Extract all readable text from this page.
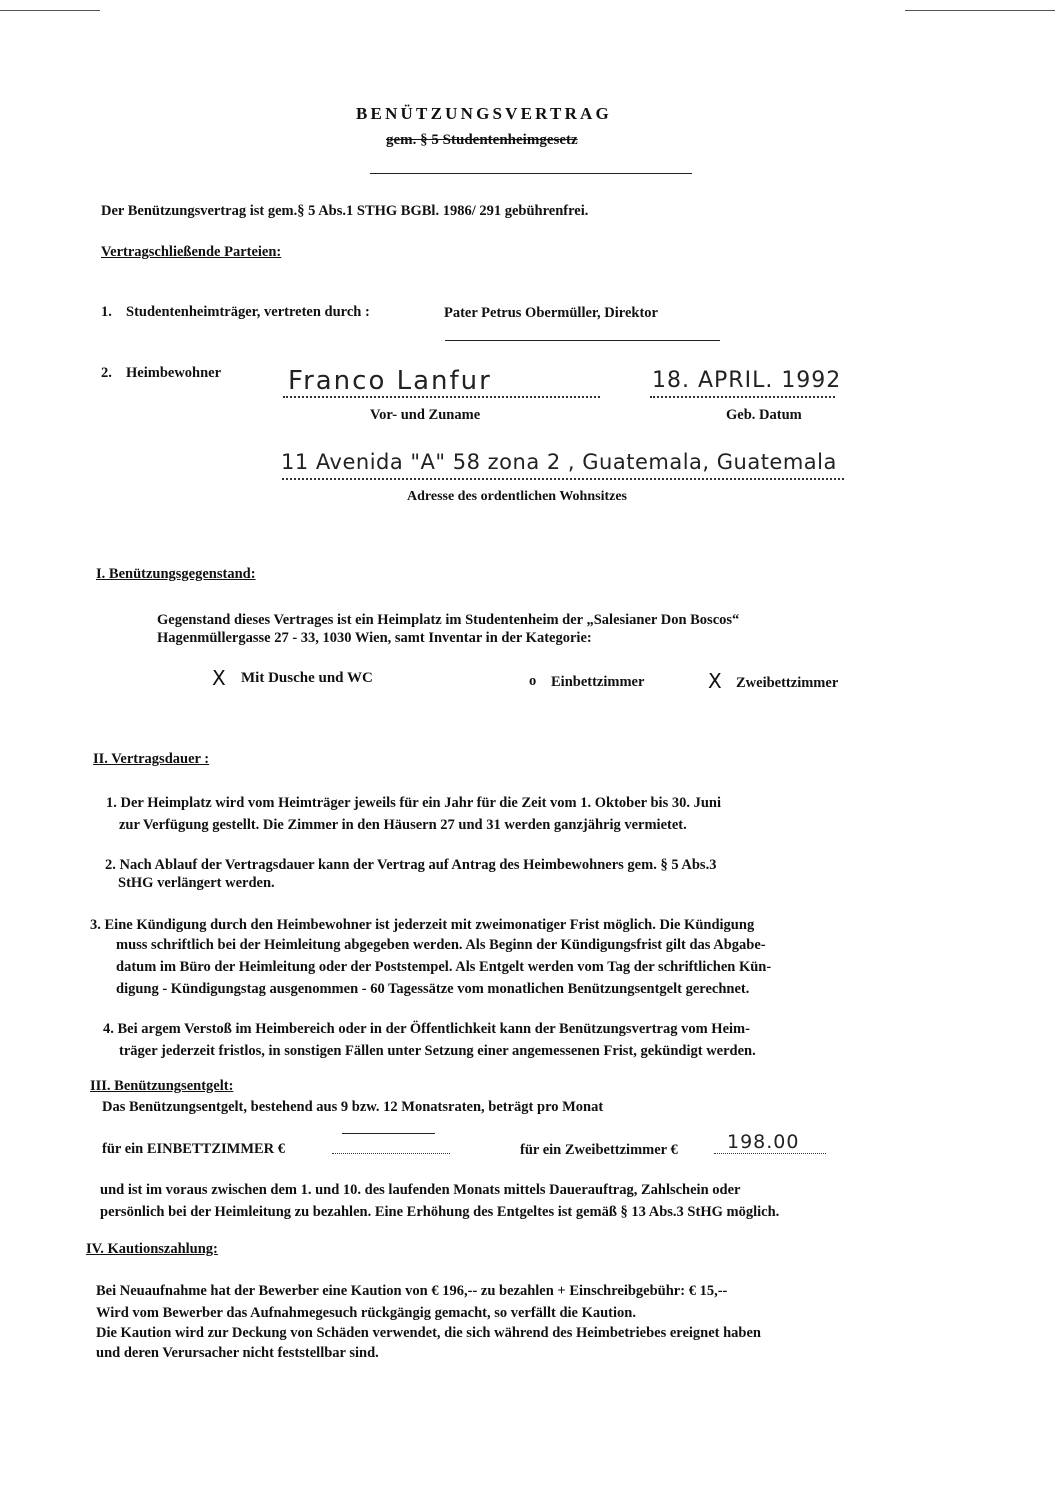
BENÜTZUNGSVERTRAG
gem. § 5 Studentenheimgesetz
Der Benützungsvertrag ist gem.§ 5 Abs.1 STHG BGBl. 1986/ 291 gebührenfrei.
Vertragschließende Parteien:
1. Studentenheimträger, vertreten durch :	Pater Petrus Obermüller, Direktor
2. Heimbewohner	Franco Lanfur
Vor- und Zuname
18. APRIL. 1992
Geb. Datum
11 Avenida "A" 58 zona 2 , Guatemala, Guatemala
Adresse des ordentlichen Wohnsitzes
I. Benützungsgegenstand:
Gegenstand dieses Vertrages ist ein Heimplatz im Studentenheim der „Salesianer Don Boscos“
Hagenmüllergasse 27 - 33, 1030 Wien, samt Inventar in der Kategorie:
X Mit Dusche und WC	o Einbettzimmer	X Zweibettzimmer
II. Vertragsdauer :
1. Der Heimplatz wird vom Heimträger jeweils für ein Jahr für die Zeit vom 1. Oktober bis 30. Juni
zur Verfügung gestellt. Die Zimmer in den Häusern 27 und 31 werden ganzjährig vermietet.
2. Nach Ablauf der Vertragsdauer kann der Vertrag auf Antrag des Heimbewohners gem. § 5 Abs.3
StHG verlängert werden.
3. Eine Kündigung durch den Heimbewohner ist jederzeit mit zweimonatiger Frist möglich. Die Kündigung
muss schriftlich bei der Heimleitung abgegeben werden. Als Beginn der Kündigungsfrist gilt das Abgabe-
datum im Büro der Heimleitung oder der Poststempel. Als Entgelt werden vom Tag der schriftlichen Kün-
digung - Kündigungstag ausgenommen - 60 Tagessätze vom monatlichen Benützungsentgelt gerechnet.
4. Bei argem Verstoß im Heimbereich oder in der Öffentlichkeit kann der Benützungsvertrag vom Heim-
träger jederzeit fristlos, in sonstigen Fällen unter Setzung einer angemessenen Frist, gekündigt werden.
III. Benützungsentgelt:
Das Benützungsentgelt, bestehend aus 9 bzw. 12 Monatsraten, beträgt pro Monat
für ein EINBETTZIMMER €	für ein Zweibettzimmer €	198.00
und ist im voraus zwischen dem 1. und 10. des laufenden Monats mittels Dauerauftrag, Zahlschein oder
persönlich bei der Heimleitung zu bezahlen. Eine Erhöhung des Entgeltes ist gemäß § 13 Abs.3 StHG möglich.
IV. Kautionszahlung:
Bei Neuaufnahme hat der Bewerber eine Kaution von € 196,-- zu bezahlen + Einschreibgebühr: € 15,--
Wird vom Bewerber das Aufnahmegesuch rückgängig gemacht, so verfällt die Kaution.
Die Kaution wird zur Deckung von Schäden verwendet, die sich während des Heimbetriebes ereignet haben
und deren Verursacher nicht feststellbar sind.
